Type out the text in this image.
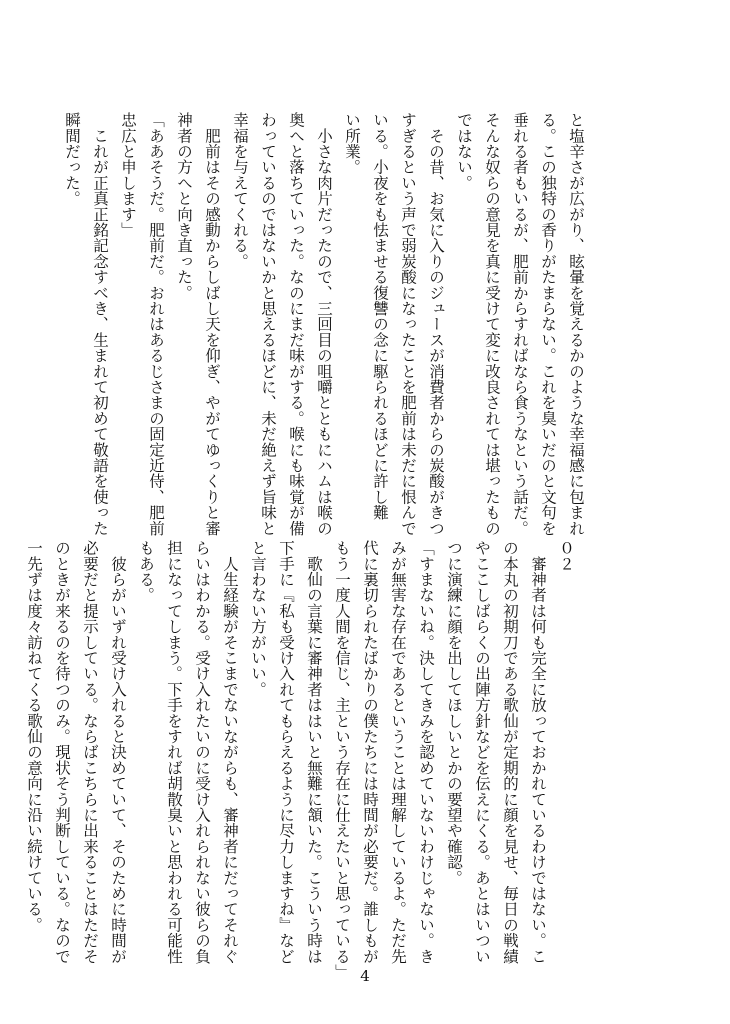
と塩辛さが広がり、眩暈を覚えるかのような幸福感に包まれ

る。この独特の香りがたまらない。これを臭いだのと文句を

垂れる者もいるが、肥前からすればなら食うなという話だ。

そんな奴らの意見を真に受けて変に改良されては堪ったもの

ではない。

　その昔、お気に入りのジュースが消費者からの炭酸がきつ

すぎるという声で弱炭酸になったことを肥前は未だに恨んで

いる。小夜をも怯ませる復讐の念に駆られるほどに許し難

い所業。

　小さな肉片だったので、三回目の咀嚼とともにハムは喉の

奥へと落ちていった。なのにまだ味がする。喉にも味覚が備

わっているのではないかと思えるほどに、未だ絶えず旨味と

幸福を与えてくれる。

　肥前はその感動からしばし天を仰ぎ、やがてゆっくりと審

神者の方へと向き直った。

「ああそうだ。肥前だ。おれはあるじさまの固定近侍、肥前

忠広と申します」

　これが正真正銘記念すべき、生まれて初めて敬語を使った

瞬間だった。

０２

　審神者は何も完全に放っておかれているわけではない。こ

の本丸の初期刀である歌仙が定期的に顔を見せ、毎日の戦績

やここしばらくの出陣方針などを伝えにくる。あとはいつい

つに演練に顔を出してほしいとかの要望や確認。

「すまないね。決してきみを認めていないわけじゃない。き

みが無害な存在であるということは理解しているよ。ただ先

代に裏切られたばかりの僕たちには時間が必要だ。誰しもが

もう一度人間を信じ、主という存在に仕えたいと思っている」

　歌仙の言葉に審神者ははいと無難に頷いた。こういう時は

下手に『私も受け入れてもらえるように尽力しますね』など

と言わない方がいい。

　人生経験がそこまでないながらも、審神者にだってそれぐ

らいはわかる。受け入れたいのに受け入れられない彼らの負

担になってしまう。下手をすれば胡散臭いと思われる可能性

もある。

　彼らがいずれ受け入れると決めていて、そのために時間が

必要だと提示している。ならばこちらに出来ることはただそ

のときが来るのを待つのみ。現状そう判断している。なので

一先ずは度々訪ねてくる歌仙の意向に沿い続けている。

4
